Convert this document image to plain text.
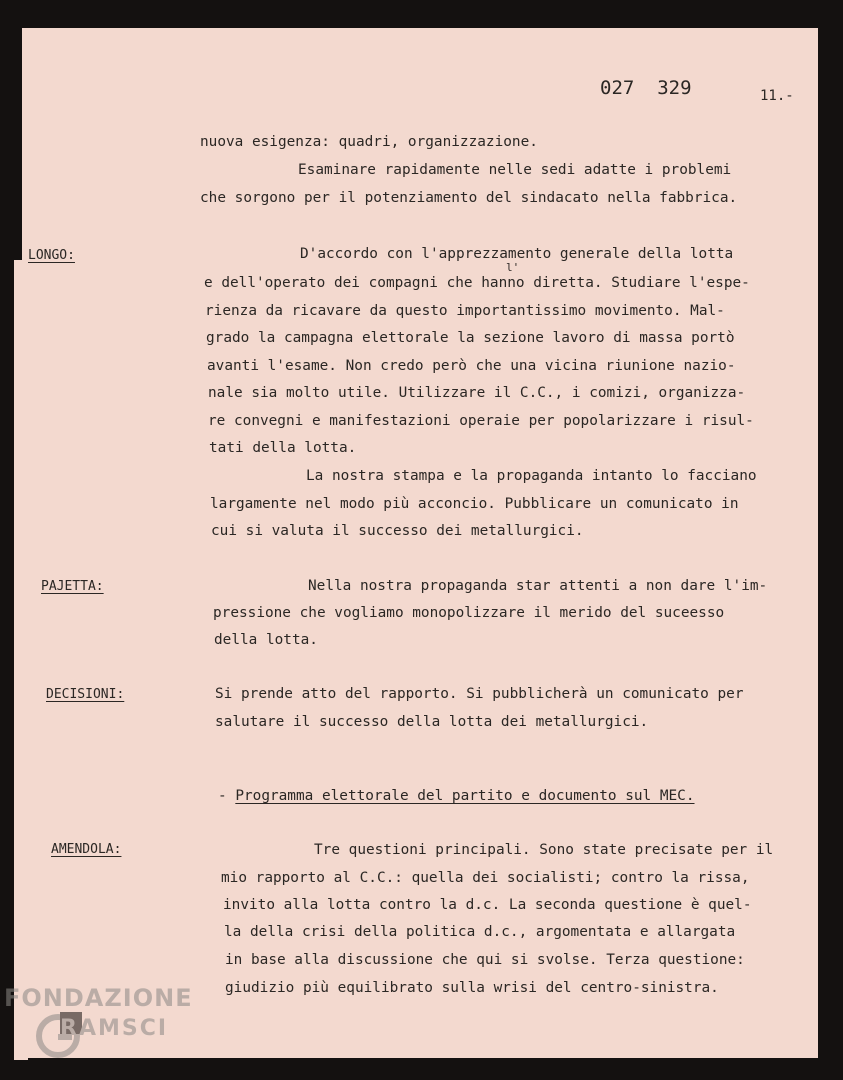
027  329	11.-
nuova esigenza: quadri, organizzazione.
Esaminare rapidamente nelle sedi adatte i problemi
che sorgono per il potenziamento del sindacato nella fabbrica.
LONGO:	D'accordo con l'apprezzamento generale della lotta
l'
e dell'operato dei compagni che hanno diretta. Studiare l'espe-
rienza da ricavare da questo importantissimo movimento. Mal-
grado la campagna elettorale la sezione lavoro di massa portò
avanti l'esame. Non credo però che una vicina riunione nazio-
nale sia molto utile. Utilizzare il C.C., i comizi, organizza-
re convegni e manifestazioni operaie per popolarizzare i risul-
tati della lotta.
La nostra stampa e la propaganda intanto lo facciano
largamente nel modo più acconcio. Pubblicare un comunicato in
cui si valuta il successo dei metallurgici.
PAJETTA:	Nella nostra propaganda star attenti a non dare l'im-
pressione che vogliamo monopolizzare il merido del suceesso
della lotta.
DECISIONI:	Si prende atto del rapporto. Si pubblicherà un comunicato per
salutare il successo della lotta dei metallurgici.
- Programma elettorale del partito e documento sul MEC.
AMENDOLA:	Tre questioni principali. Sono state precisate per il
mio rapporto al C.C.: quella dei socialisti; contro la rissa,
invito alla lotta contro la d.c. La seconda questione è quel-
la della crisi della politica d.c., argomentata e allargata
in base alla discussione che qui si svolse. Terza questione:
giudizio più equilibrato sulla wrisi del centro-sinistra.
FONDAZIONE
RAMSCI
